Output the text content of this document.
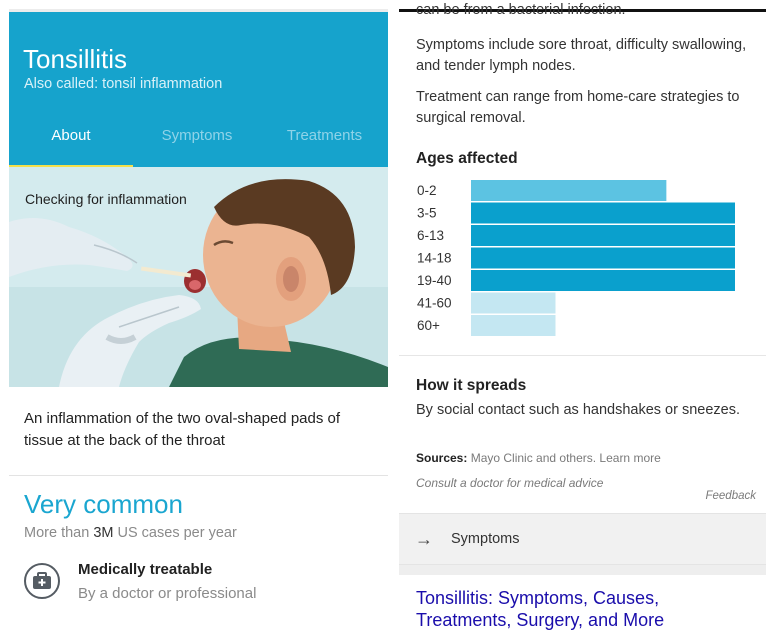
Tonsillitis
Also called: tonsil inflammation
About	Symptoms	Treatments
Checking for inflammation
An inflammation of the two oval-shaped pads of tissue at the back of the throat
Very common
More than 3M US cases per year
Medically treatable
By a doctor or professional
can be from a bacterial infection.
Symptoms include sore throat, difficulty swallowing, and tender lymph nodes.
Treatment can range from home-care strategies to surgical removal.
Ages affected
0-2
3-5
6-13
14-18
19-40
41-60
60+
How it spreads
By social contact such as handshakes or sneezes.
Sources: Mayo Clinic and others. Learn more
Consult a doctor for medical advice
Feedback
→ Symptoms
Tonsillitis: Symptoms, Causes, Treatments, Surgery, and More
